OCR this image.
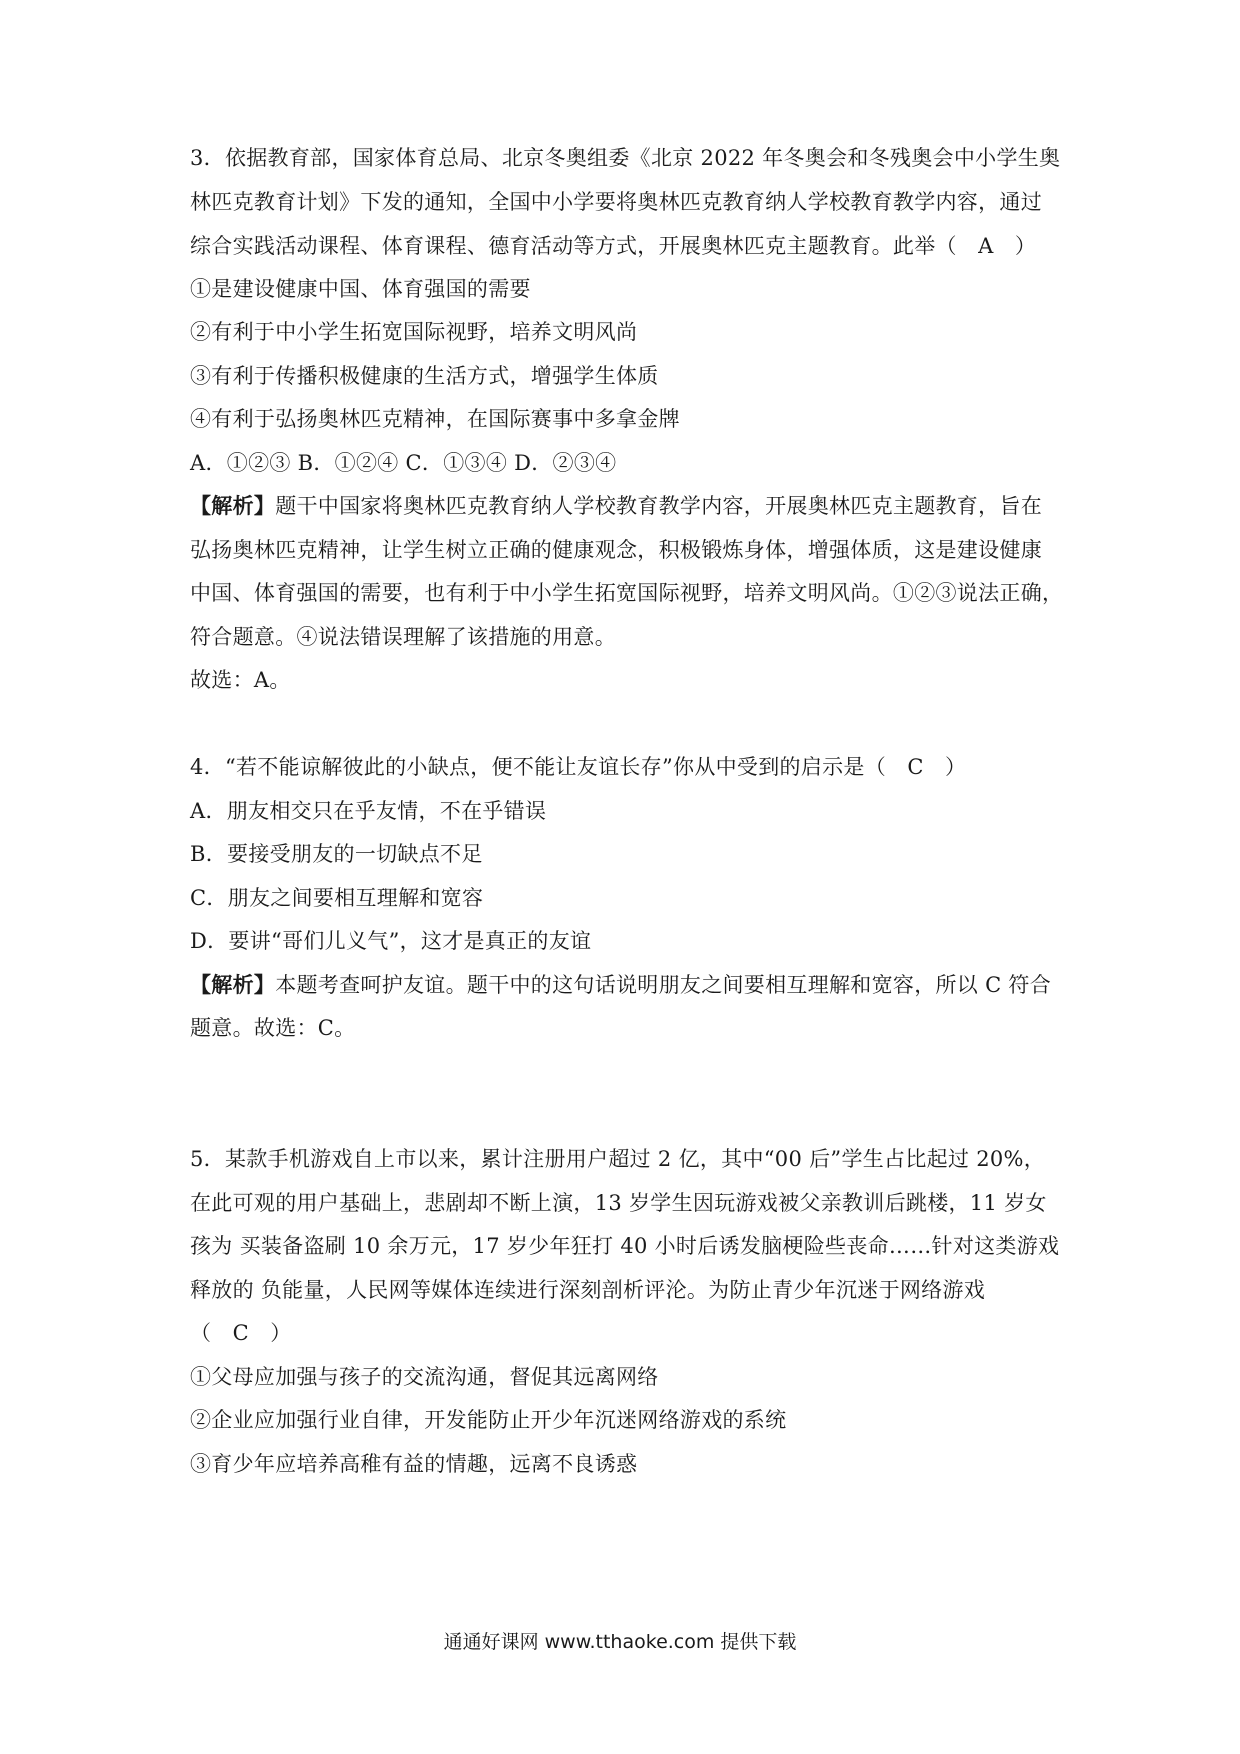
3．依据教育部，国家体育总局、北京冬奥组委《北京 2022 年冬奥会和冬残奥会中小学生奥
林匹克教育计划》下发的通知，全国中小学要将奥林匹克教育纳人学校教育教学内容，通过
综合实践活动课程、体育课程、德育活动等方式，开展奥林匹克主题教育。此举（　A　）
①是建设健康中国、体育强国的需要
②有利于中小学生拓宽国际视野，培养文明风尚
③有利于传播积极健康的生活方式，增强学生体质
④有利于弘扬奥林匹克精神，在国际赛事中多拿金牌
A．①②③ B．①②④ C．①③④ D．②③④
【解析】题干中国家将奥林匹克教育纳人学校教育教学内容，开展奥林匹克主题教育，旨在
弘扬奥林匹克精神，让学生树立正确的健康观念，积极锻炼身体，增强体质，这是建设健康
中国、体育强国的需要，也有利于中小学生拓宽国际视野，培养文明风尚。①②③说法正确，
符合题意。④说法错误理解了该措施的用意。
故选：A。
4．“若不能谅解彼此的小缺点，便不能让友谊长存”你从中受到的启示是（　C　）
A．朋友相交只在乎友情，不在乎错误
B．要接受朋友的一切缺点不足
C．朋友之间要相互理解和宽容
D．要讲“哥们儿义气”，这才是真正的友谊
【解析】本题考查呵护友谊。题干中的这句话说明朋友之间要相互理解和宽容，所以 C 符合
题意。故选：C。
5．某款手机游戏自上市以来，累计注册用户超过 2 亿，其中“00 后”学生占比起过 20%，
在此可观的用户基础上，悲剧却不断上演，13 岁学生因玩游戏被父亲教训后跳楼，11 岁女
孩为 买装备盗刷 10 余万元，17 岁少年狂打 40 小时后诱发脑梗险些丧命……针对这类游戏
释放的 负能量，人民网等媒体连续进行深刻剖析评沦。为防止青少年沉迷于网络游戏
（　C　）
①父母应加强与孩子的交流沟通，督促其远离网络
②企业应加强行业自律，开发能防止开少年沉迷网络游戏的系统
③育少年应培养高稚有益的情趣，远离不良诱惑
通通好课网 www.tthaoke.com 提供下载
